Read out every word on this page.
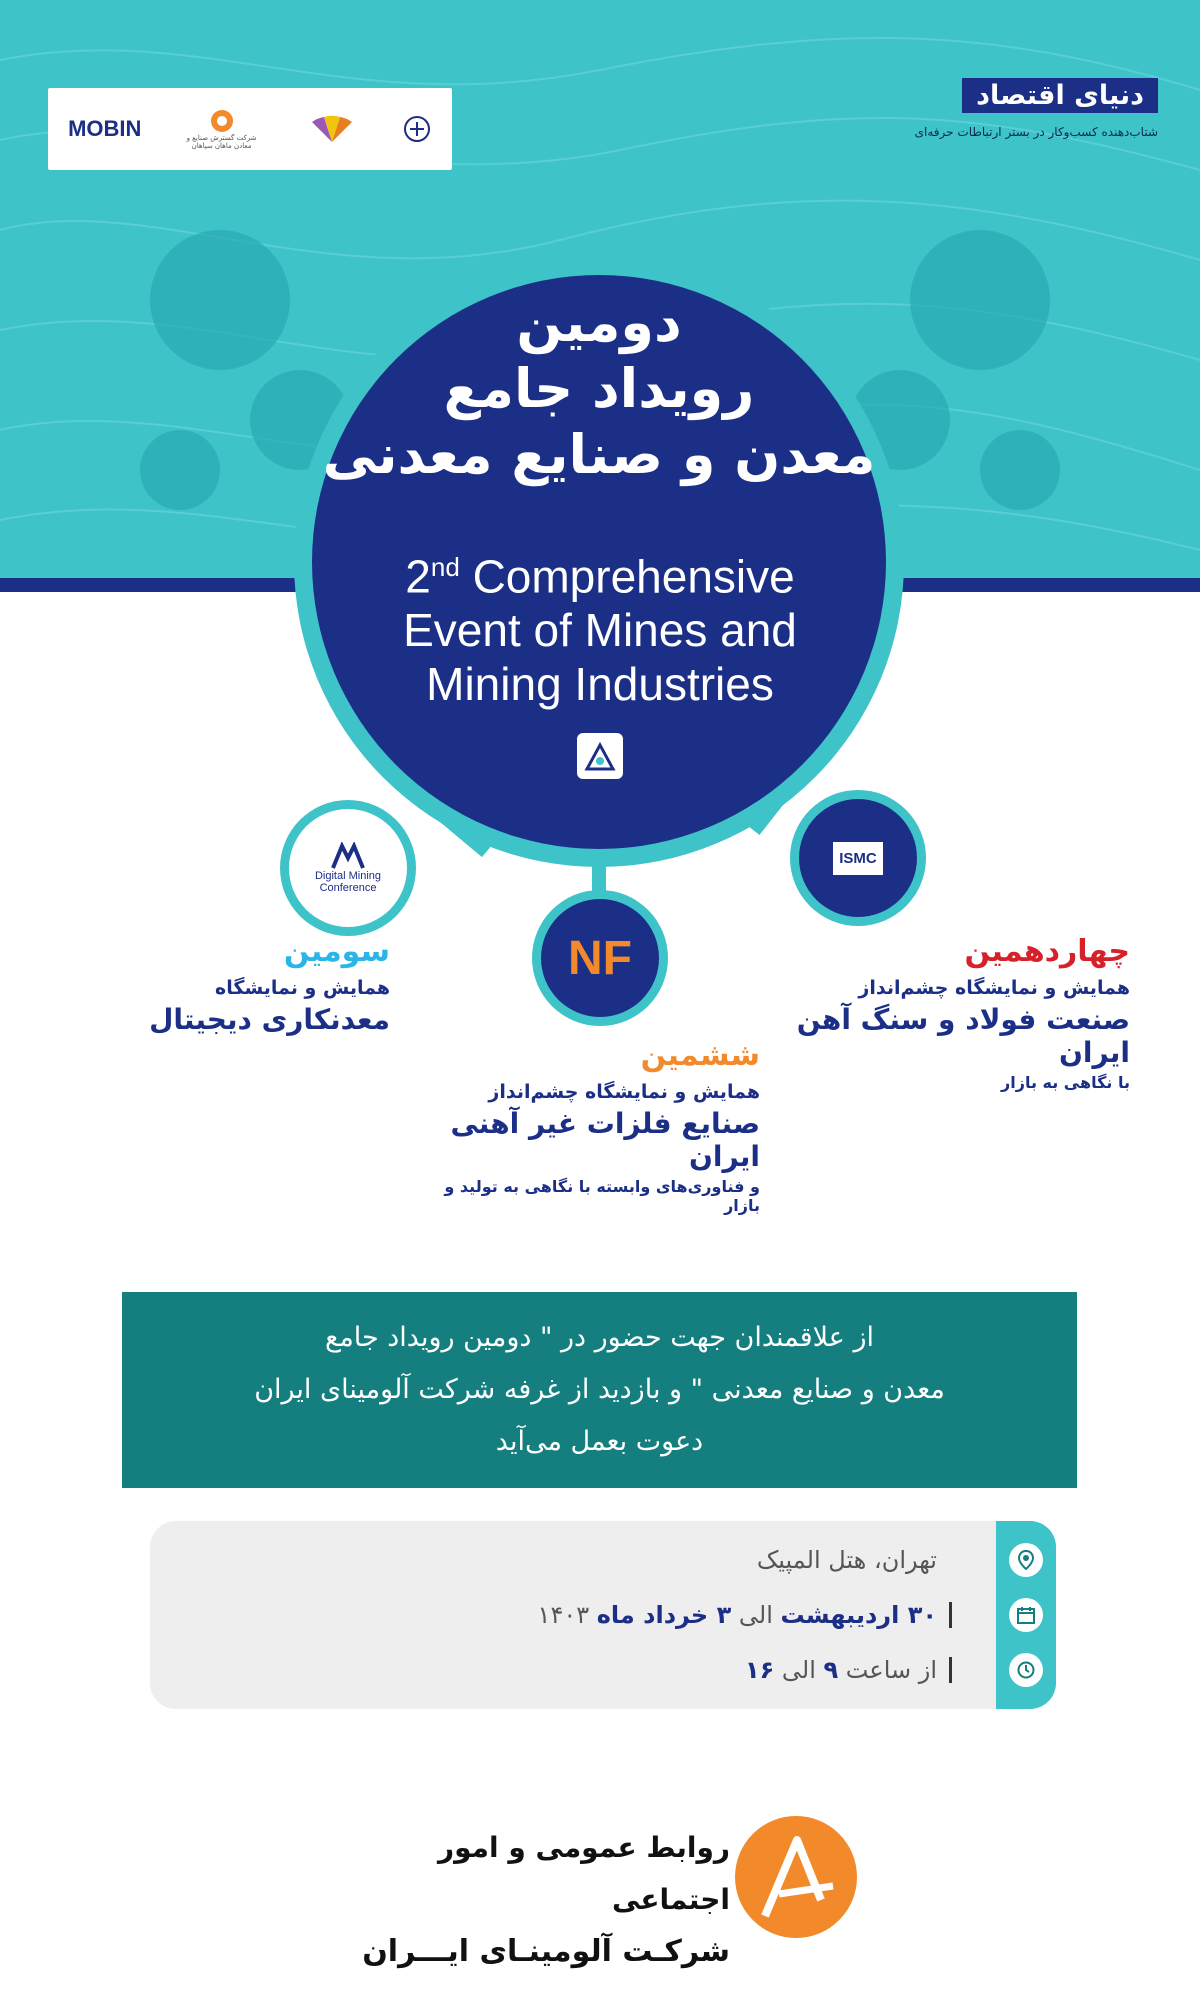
MOBIN	شرکت گسترش صنایع و معادن ماهان سپاهان
دنیای اقتصاد
شتاب‌دهنده کسب‌وکار در بستر ارتباطات حرفه‌ای
دومین
رویداد جامع
معدن و صنایع معدنی
2nd Comprehensive
Event of Mines and
Mining Industries
Digital Mining Conference
NF
ISMC
سومین
همایش و نمایشگاه
معدنکاری دیجیتال
ششمین
همایش و نمایشگاه چشم‌انداز
صنایع فلزات غیر آهنی ایران
و فناوری‌های وابسته با نگاهی به تولید و بازار
چهاردهمین
همایش و نمایشگاه چشم‌انداز
صنعت فولاد و سنگ آهن ایران
با نگاهی به بازار
از علاقمندان جهت حضور در " دومین رویداد جامع
معدن و صنایع معدنی " و بازدید از غرفه شرکت آلومینای ایران
دعوت بعمل می‌آید
تهران، هتل المپیک
۳۰ اردیبهشت
الی
۳ خرداد ماه
۱۴۰۳
از ساعت
۹
الی
۱۶
روابط عمومی و امور اجتماعی
شرکـت آلومینـای ایـــران
